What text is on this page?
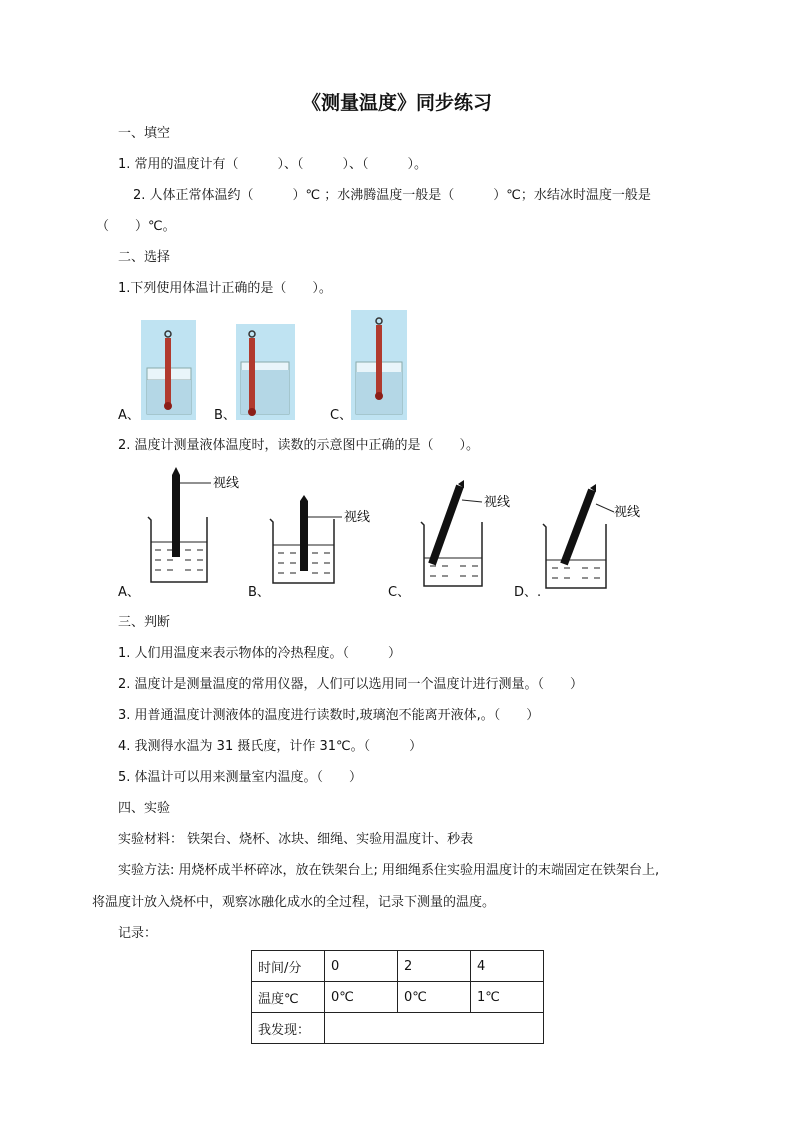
《测量温度》同步练习
一、填空
1. 常用的温度计有（　　　）、（　　　）、（　　　）。
2. 人体正常体温约（　　　）℃ ；水沸腾温度一般是（　　　）℃；水结冰时温度一般是
（　　）℃。
二、选择
1.下列使用体温计正确的是（　　）。
A、	B、	C、
2. 温度计测量液体温度时，读数的示意图中正确的是（　　）。
视线
视线
视线
视线
A、	B、	C、	D、.
三、判断
1. 人们用温度来表示物体的冷热程度。（　　　）
2. 温度计是测量温度的常用仪器，人们可以选用同一个温度计进行测量。（　　）
3. 用普通温度计测液体的温度进行读数时,玻璃泡不能离开液体,。（　　）
4. 我测得水温为 31 摄氏度，计作 31℃。（　　　）
5. 体温计可以用来测量室内温度。（　　）
四、实验
实验材料： 铁架台、烧杯、冰块、细绳、实验用温度计、秒表
实验方法: 用烧杯成半杯碎冰，放在铁架台上; 用细绳系住实验用温度计的末端固定在铁架台上,
将温度计放入烧杯中，观察冰融化成水的全过程，记录下测量的温度。
记录：
时间/分	0	2	4
温度℃	0℃	0℃	1℃
我发现：			
